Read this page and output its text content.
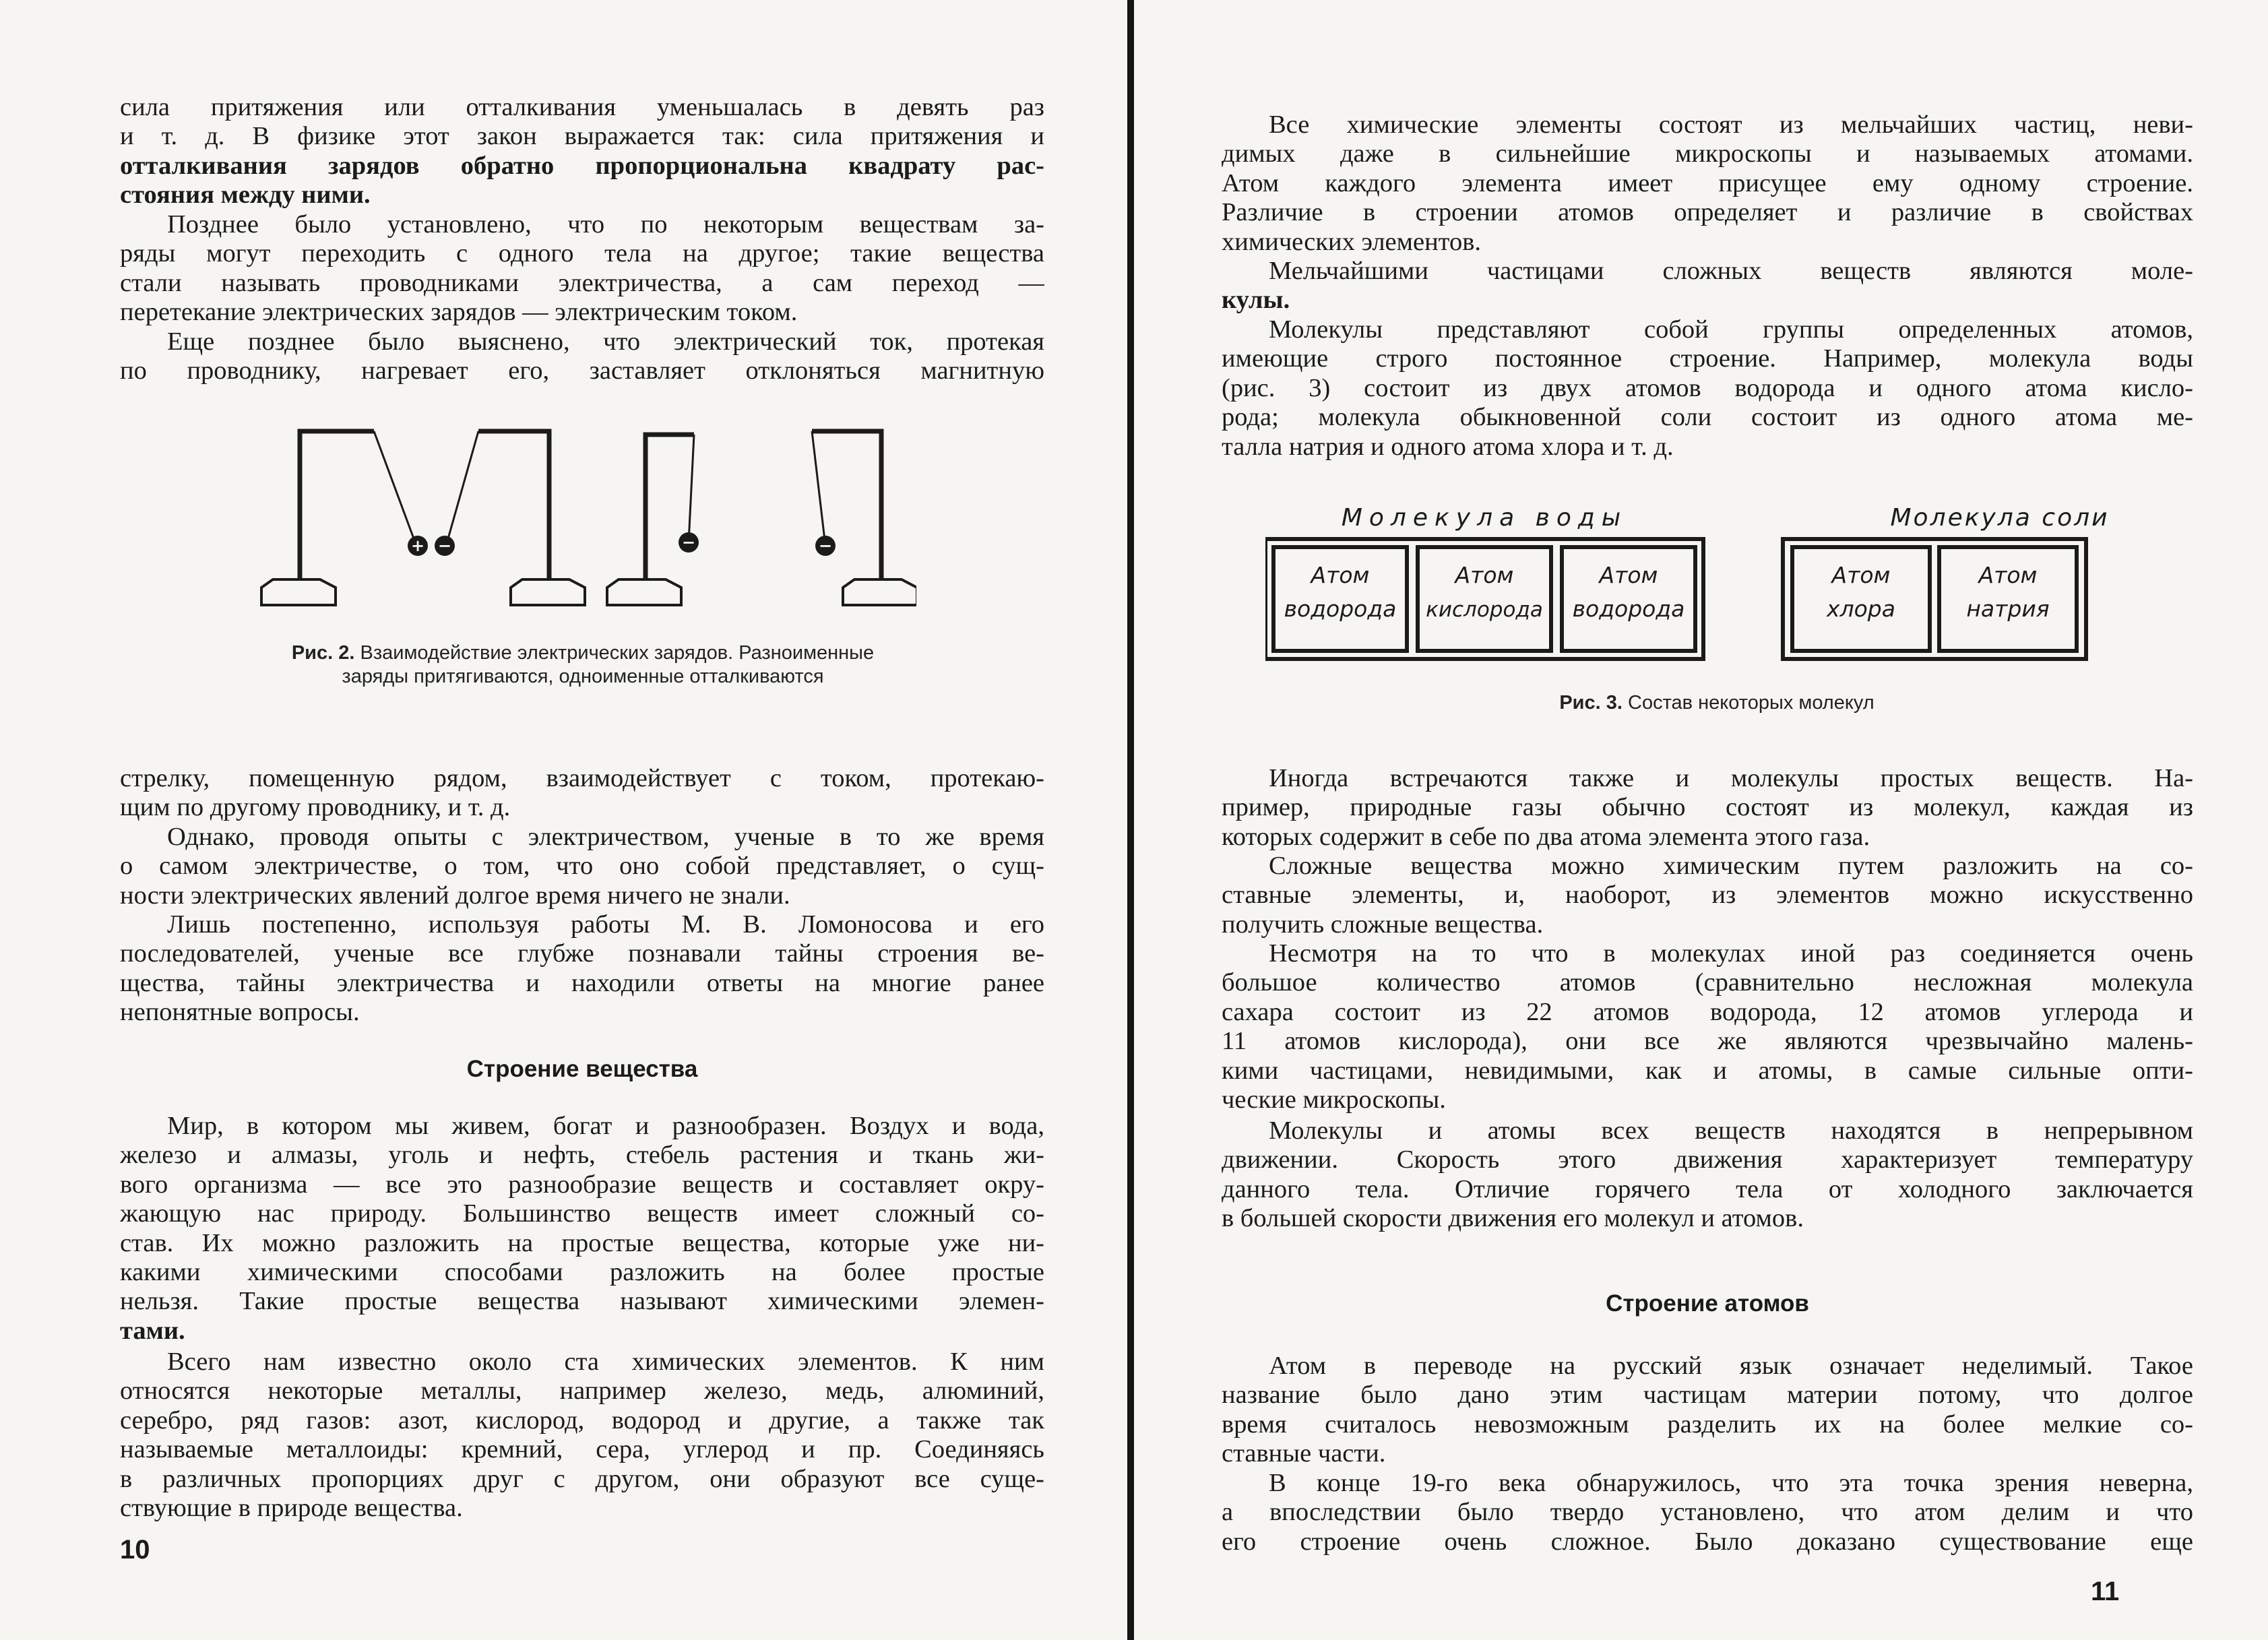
сила притяжения или отталкивания уменьшалась в девять раз
и т. д. В физике этот закон выражается так: сила притяжения и
отталкивания зарядов обратно пропорциональна квадрату рас-
стояния между ними.
Позднее было установлено, что по некоторым веществам за-
ряды могут переходить с одного тела на другое; такие вещества
стали называть проводниками электричества, а сам переход —
перетекание электрических зарядов — электрическим током.
Еще позднее было выяснено, что электрический ток, протекая
по проводнику, нагревает его, заставляет отклоняться магнитную
+ −	−	−
Рис. 2. Взаимодействие электрических зарядов. Разноименные заряды притягиваются, одноименные отталкиваются
стрелку, помещенную рядом, взаимодействует с током, протекаю-
щим по другому проводнику, и т. д.
Однако, проводя опыты с электричеством, ученые в то же время
о самом электричестве, о том, что оно собой представляет, о сущ-
ности электрических явлений долгое время ничего не знали.
Лишь постепенно, используя работы М. В. Ломоносова и его
последователей, ученые все глубже познавали тайны строения ве-
щества, тайны электричества и находили ответы на многие ранее
непонятные вопросы.
Строение вещества
Мир, в котором мы живем, богат и разнообразен. Воздух и вода,
железо и алмазы, уголь и нефть, стебель растения и ткань жи-
вого организма — все это разнообразие веществ и составляет окру-
жающую нас природу. Большинство веществ имеет сложный со-
став. Их можно разложить на простые вещества, которые уже ни-
какими химическими способами разложить на более простые
нельзя. Такие простые вещества называют химическими элемен-
тами.
Всего нам известно около ста химических элементов. К ним
относятся некоторые металлы, например железо, медь, алюминий,
серебро, ряд газов: азот, кислород, водород и другие, а также так
называемые металлоиды: кремний, сера, углерод и пр. Соединяясь
в различных пропорциях друг с другом, они образуют все суще-
ствующие в природе вещества.
10
Все химические элементы состоят из мельчайших частиц, неви-
димых даже в сильнейшие микроскопы и называемых атомами.
Атом каждого элемента имеет присущее ему одному строение.
Различие в строении атомов определяет и различие в свойствах
химических элементов.
Мельчайшими частицами сложных веществ являются моле-
кулы.
Молекулы представляют собой группы определенных атомов,
имеющие строго постоянное строение. Например, молекула воды
(рис. 3) состоит из двух атомов водорода и одного атома кисло-
рода; молекула обыкновенной соли состоит из одного атома ме-
талла натрия и одного атома хлора и т. д.
Молекула воды	Молекула соли
Атом
водорода
Атом
кислорода
Атом
водорода
Атом
хлора
Атом
натрия
Рис. 3. Состав некоторых молекул
Иногда встречаются также и молекулы простых веществ. На-
пример, природные газы обычно состоят из молекул, каждая из
которых содержит в себе по два атома элемента этого газа.
Сложные вещества можно химическим путем разложить на со-
ставные элементы, и, наоборот, из элементов можно искусственно
получить сложные вещества.
Несмотря на то что в молекулах иной раз соединяется очень
большое количество атомов (сравнительно несложная молекула
сахара состоит из 22 атомов водорода, 12 атомов углерода и
11 атомов кислорода), они все же являются чрезвычайно малень-
кими частицами, невидимыми, как и атомы, в самые сильные опти-
ческие микроскопы.
Молекулы и атомы всех веществ находятся в непрерывном
движении. Скорость этого движения характеризует температуру
данного тела. Отличие горячего тела от холодного заключается
в большей скорости движения его молекул и атомов.
Строение атомов
Атом в переводе на русский язык означает неделимый. Такое
название было дано этим частицам материи потому, что долгое
время считалось невозможным разделить их на более мелкие со-
ставные части.
В конце 19-го века обнаружилось, что эта точка зрения неверна,
а впоследствии было твердо установлено, что атом делим и что
его строение очень сложное. Было доказано существование еще
11
